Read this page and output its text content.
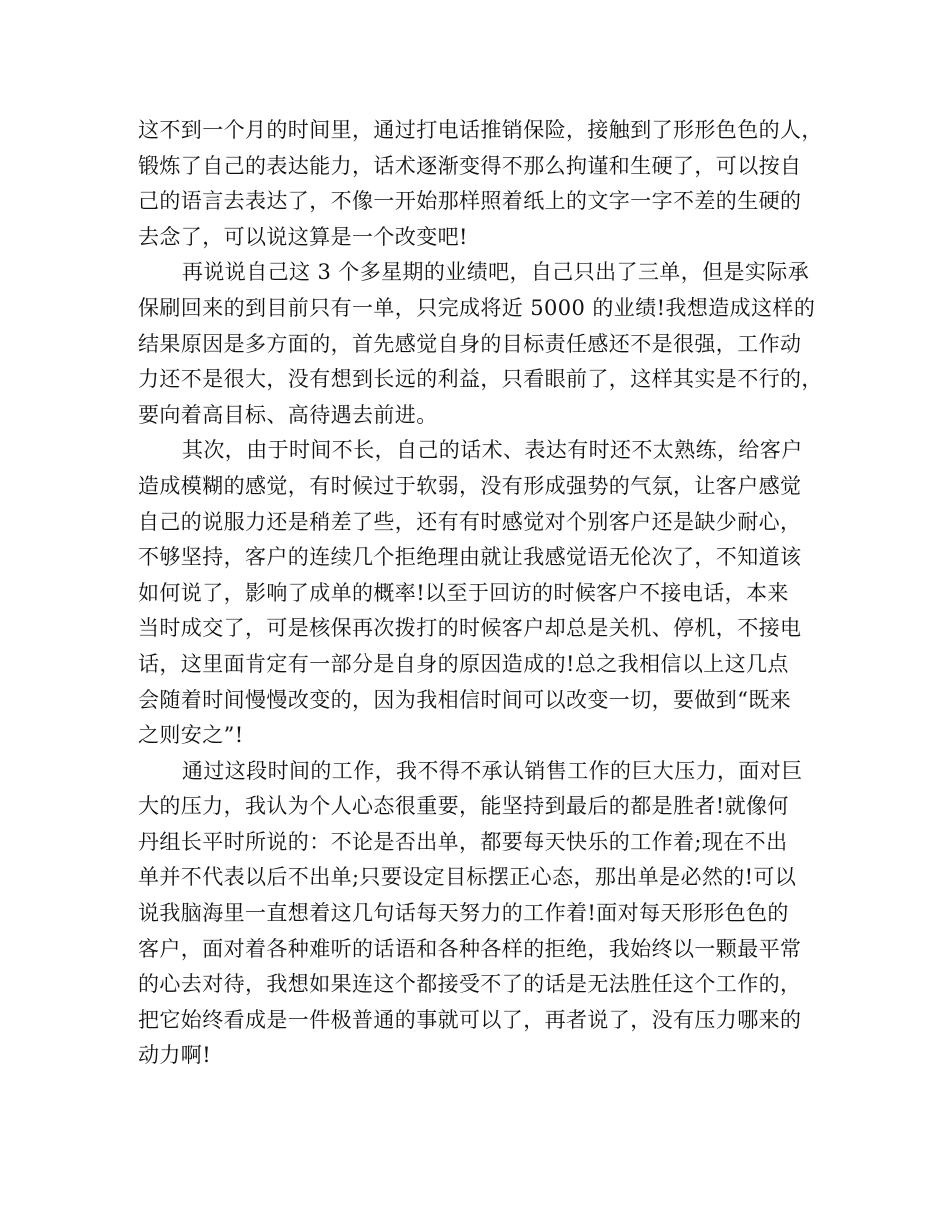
这不到一个月的时间里，通过打电话推销保险，接触到了形形色色的人，
锻炼了自己的表达能力，话术逐渐变得不那么拘谨和生硬了，可以按自
己的语言去表达了，不像一开始那样照着纸上的文字一字不差的生硬的
去念了，可以说这算是一个改变吧!
再说说自己这 3 个多星期的业绩吧，自己只出了三单，但是实际承
保刷回来的到目前只有一单，只完成将近 5000 的业绩!我想造成这样的
结果原因是多方面的，首先感觉自身的目标责任感还不是很强，工作动
力还不是很大，没有想到长远的利益，只看眼前了，这样其实是不行的，
要向着高目标、高待遇去前进。
其次，由于时间不长，自己的话术、表达有时还不太熟练，给客户
造成模糊的感觉，有时候过于软弱，没有形成强势的气氛，让客户感觉
自己的说服力还是稍差了些，还有有时感觉对个别客户还是缺少耐心，
不够坚持，客户的连续几个拒绝理由就让我感觉语无伦次了，不知道该
如何说了，影响了成单的概率!以至于回访的时候客户不接电话，本来
当时成交了，可是核保再次拨打的时候客户却总是关机、停机，不接电
话，这里面肯定有一部分是自身的原因造成的!总之我相信以上这几点
会随着时间慢慢改变的，因为我相信时间可以改变一切，要做到“既来
之则安之”!
通过这段时间的工作，我不得不承认销售工作的巨大压力，面对巨
大的压力，我认为个人心态很重要，能坚持到最后的都是胜者!就像何
丹组长平时所说的：不论是否出单，都要每天快乐的工作着;现在不出
单并不代表以后不出单;只要设定目标摆正心态，那出单是必然的!可以
说我脑海里一直想着这几句话每天努力的工作着!面对每天形形色色的
客户，面对着各种难听的话语和各种各样的拒绝，我始终以一颗最平常
的心去对待，我想如果连这个都接受不了的话是无法胜任这个工作的，
把它始终看成是一件极普通的事就可以了，再者说了，没有压力哪来的
动力啊!
